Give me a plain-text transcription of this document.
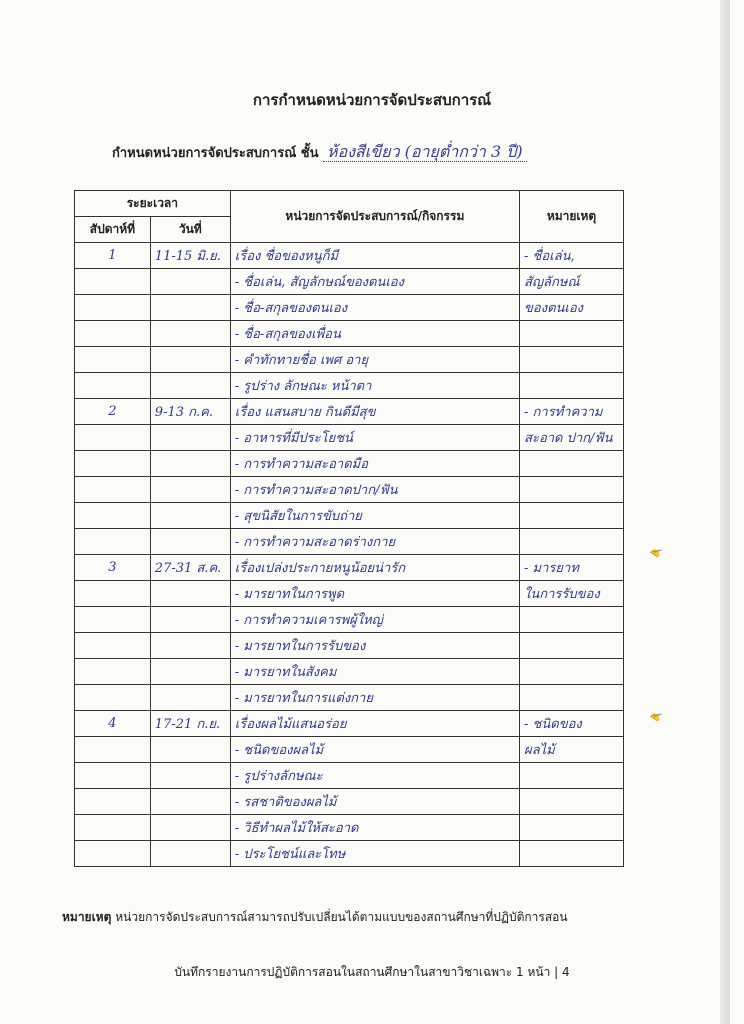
การกำหนดหน่วยการจัดประสบการณ์
กำหนดหน่วยการจัดประสบการณ์ ชั้น ห้องสีเขียว (อายุต่ำกว่า 3 ปี)
ระยะเวลา		หน่วยการจัดประสบการณ์/กิจกรรม	หมายเหตุ
สัปดาห์ที่	วันที่		
1	11-15 มิ.ย.	เรื่อง ชื่อของหนูก็มี	- ชื่อเล่น,
		- ชื่อเล่น, สัญลักษณ์ของตนเอง	สัญลักษณ์
		- ชื่อ-สกุลของตนเอง	ของตนเอง
		- ชื่อ-สกุลของเพื่อน	
		- คำทักทายชื่อ เพศ อายุ	
		- รูปร่าง ลักษณะ หน้าตา	
2	9-13 ก.ค.	เรื่อง แสนสบาย กินดีมีสุข	- การทำความ
		- อาหารที่มีประโยชน์	สะอาด ปาก/ฟัน
		- การทำความสะอาดมือ	
		- การทำความสะอาดปาก/ฟัน	
		- สุขนิสัยในการขับถ่าย	
		- การทำความสะอาดร่างกาย	
3	27-31 ส.ค.	เรื่องเปล่งประกายหนูน้อยน่ารัก	- มารยาท
		- มารยาทในการพูด	ในการรับของ
		- การทำความเคารพผู้ใหญ่	
		- มารยาทในการรับของ	
		- มารยาทในสังคม	
		- มารยาทในการแต่งกาย	
4	17-21 ก.ย.	เรื่องผลไม้แสนอร่อย	- ชนิดของ
		- ชนิดของผลไม้	ผลไม้
		- รูปร่างลักษณะ	
		- รสชาติของผลไม้	
		- วิธีทำผลไม้ให้สะอาด	
		- ประโยชน์และโทษ	
✍
✍
หมายเหตุ หน่วยการจัดประสบการณ์สามารถปรับเปลี่ยนได้ตามแบบของสถานศึกษาที่ปฏิบัติการสอน
บันทึกรายงานการปฏิบัติการสอนในสถานศึกษาในสาขาวิชาเฉพาะ 1 หน้า | 4
